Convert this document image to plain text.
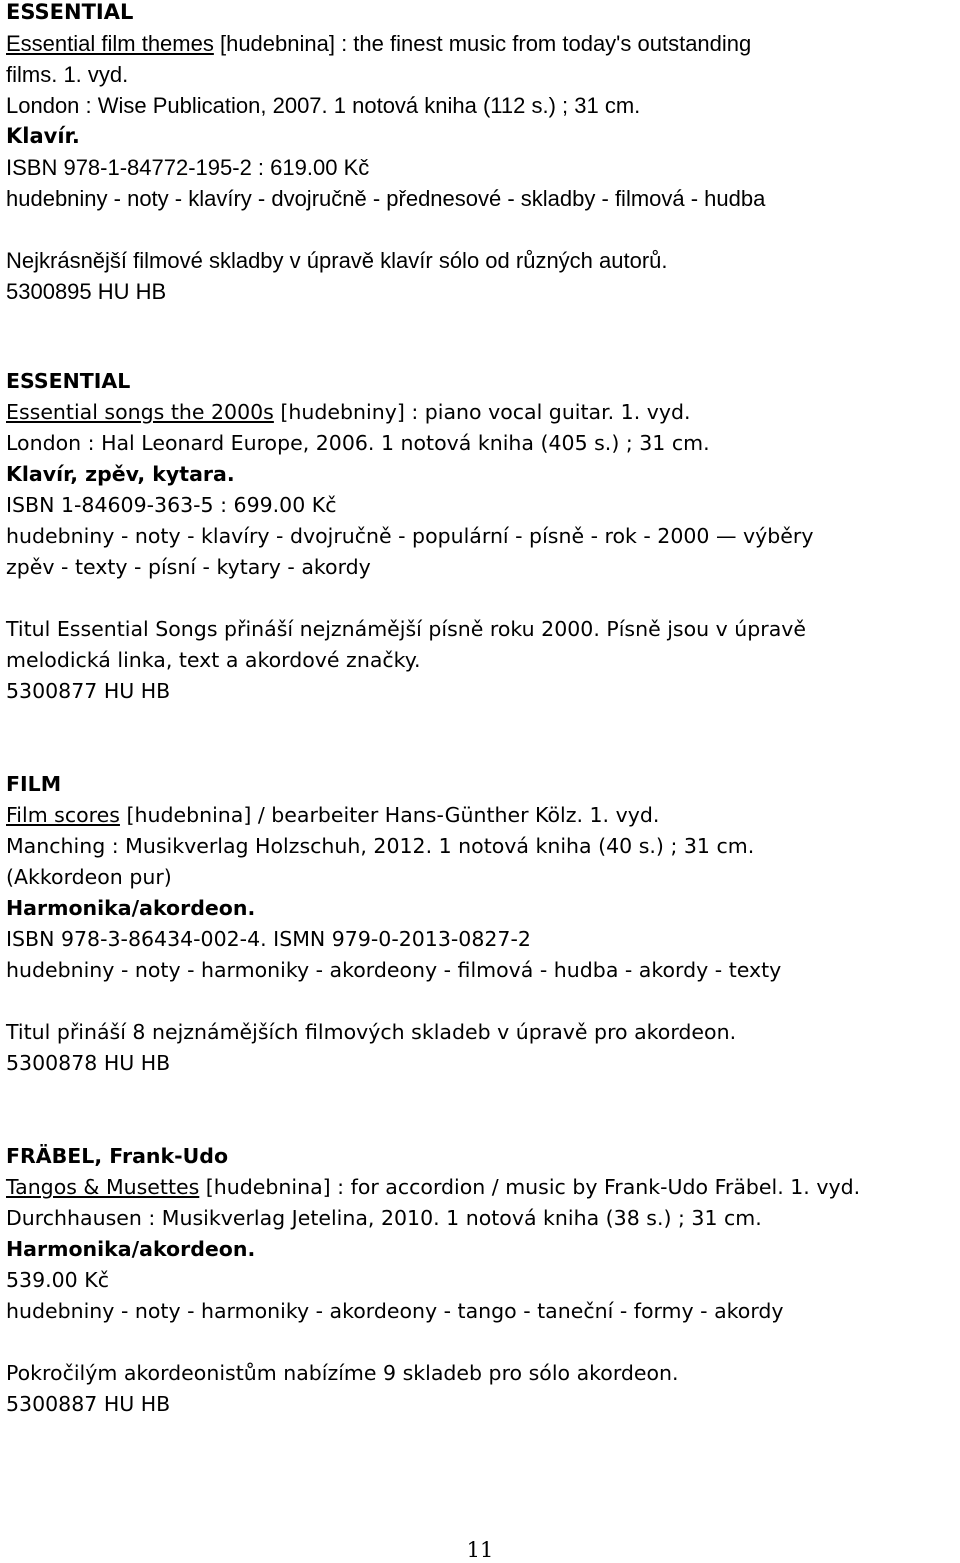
ESSENTIAL
Essential film themes [hudebnina] : the finest music from today's outstanding
films. 1. vyd.
London : Wise Publication, 2007. 1 notová kniha (112 s.) ; 31 cm.
Klavír.
ISBN 978-1-84772-195-2 : 619.00 Kč
hudebniny - noty - klavíry - dvojručně - přednesové - skladby - filmová - hudba
Nejkrásnější filmové skladby v úpravě klavír sólo od různých autorů.
5300895 HU HB
ESSENTIAL
Essential songs the 2000s [hudebniny] : piano vocal guitar. 1. vyd.
London : Hal Leonard Europe, 2006. 1 notová kniha (405 s.) ; 31 cm.
Klavír, zpěv, kytara.
ISBN 1-84609-363-5 : 699.00 Kč
hudebniny - noty - klavíry - dvojručně - populární - písně - rok - 2000 — výběry
zpěv - texty - písní - kytary - akordy
Titul Essential Songs přináší nejznámější písně roku 2000. Písně jsou v úpravě
melodická linka, text a akordové značky.
5300877 HU HB
FILM
Film scores [hudebnina] / bearbeiter Hans-Günther Kölz. 1. vyd.
Manching : Musikverlag Holzschuh, 2012. 1 notová kniha (40 s.) ; 31 cm.
(Akkordeon pur)
Harmonika/akordeon.
ISBN 978-3-86434-002-4. ISMN 979-0-2013-0827-2
hudebniny - noty - harmoniky - akordeony - filmová - hudba - akordy - texty
Titul přináší 8 nejznámějších filmových skladeb v úpravě pro akordeon.
5300878 HU HB
FRÄBEL, Frank-Udo
Tangos & Musettes [hudebnina] : for accordion / music by Frank-Udo Fräbel. 1. vyd.
Durchhausen : Musikverlag Jetelina, 2010. 1 notová kniha (38 s.) ; 31 cm.
Harmonika/akordeon.
539.00 Kč
hudebniny - noty - harmoniky - akordeony - tango - taneční - formy - akordy
Pokročilým akordeonistům nabízíme 9 skladeb pro sólo akordeon.
5300887 HU HB
11
